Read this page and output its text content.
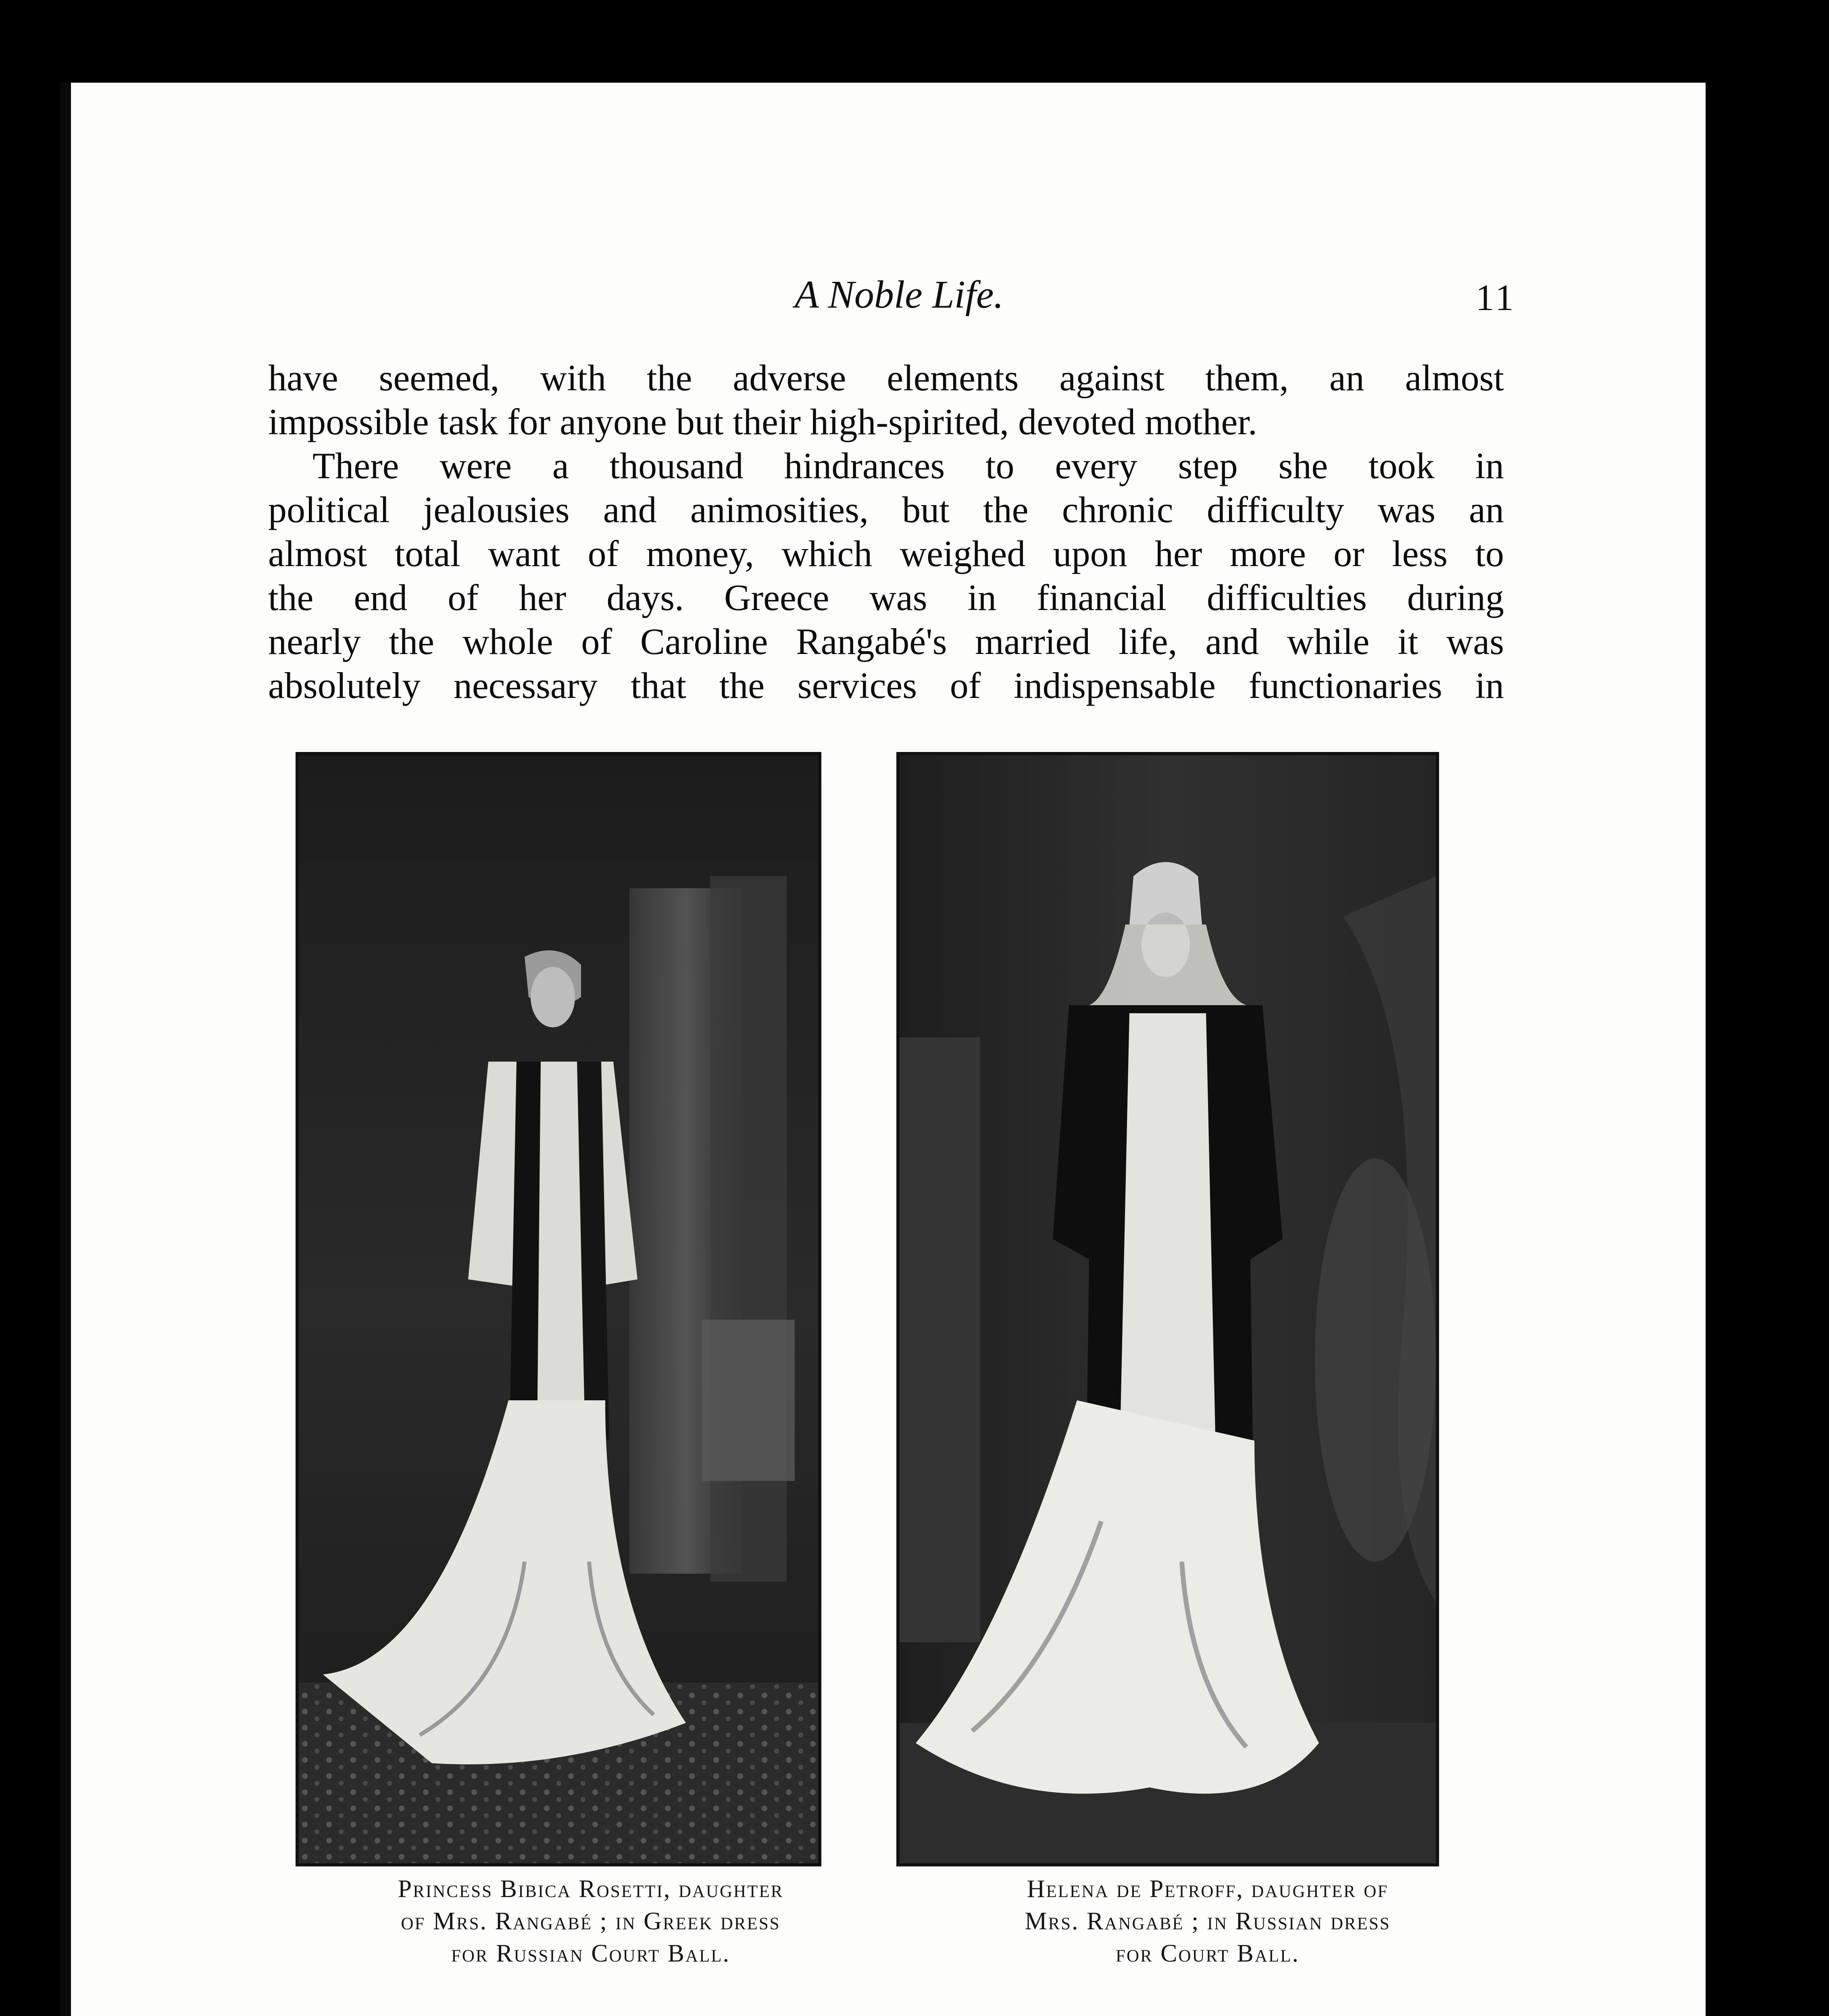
A Noble Life.	11

have seemed, with the adverse elements against them, an almost
impossible task for anyone but their high-spirited, devoted mother.
There were a thousand hindrances to every step she took in
political jealousies and animosities, but the chronic difficulty was an
almost total want of money, which weighed upon her more or less to
the end of her days. Greece was in financial difficulties during
nearly the whole of Caroline Rangabé's married life, and while it was
absolutely necessary that the services of indispensable functionaries in

Princess Bibica Rosetti, daughter
of Mrs. Rangabé ; in Greek dress
for Russian Court Ball.
Helena de Petroff, daughter of
Mrs. Rangabé ; in Russian dress
for Court Ball.
